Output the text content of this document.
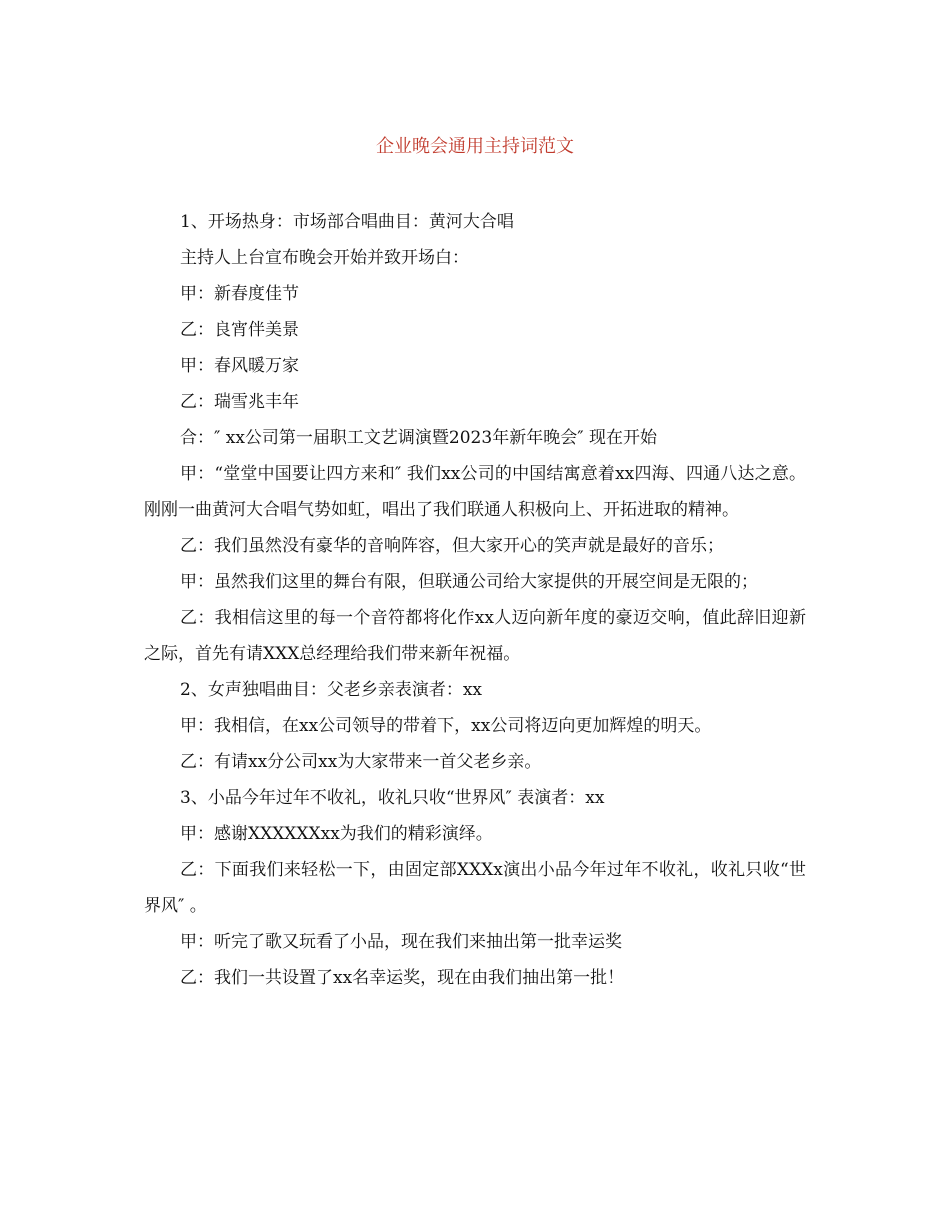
企业晚会通用主持词范文

1、开场热身：市场部合唱曲目：黄河大合唱

主持人上台宣布晚会开始并致开场白：

甲：新春度佳节

乙：良宵伴美景

甲：春风暖万家

乙：瑞雪兆丰年

合：″ xx公司第一届职工文艺调演暨2023年新年晚会″ 现在开始

甲：“堂堂中国要让四方来和″ 我们xx公司的中国结寓意着xx四海、四通八达之意。刚刚一曲黄河大合唱气势如虹，唱出了我们联通人积极向上、开拓进取的精神。

乙：我们虽然没有豪华的音响阵容，但大家开心的笑声就是最好的音乐；

甲：虽然我们这里的舞台有限，但联通公司给大家提供的开展空间是无限的；

乙：我相信这里的每一个音符都将化作xx人迈向新年度的豪迈交响，值此辞旧迎新之际，首先有请XXX总经理给我们带来新年祝福。

2、女声独唱曲目：父老乡亲表演者：xx

甲：我相信，在xx公司领导的带着下，xx公司将迈向更加辉煌的明天。

乙：有请xx分公司xx为大家带来一首父老乡亲。

3、小品今年过年不收礼，收礼只收“世界风″ 表演者：xx

甲：感谢XXXXXXxx为我们的精彩演绎。

乙：下面我们来轻松一下，由固定部XXXx演出小品今年过年不收礼，收礼只收“世界风″ 。

甲：听完了歌又玩看了小品，现在我们来抽出第一批幸运奖

乙：我们一共设置了xx名幸运奖，现在由我们抽出第一批！
